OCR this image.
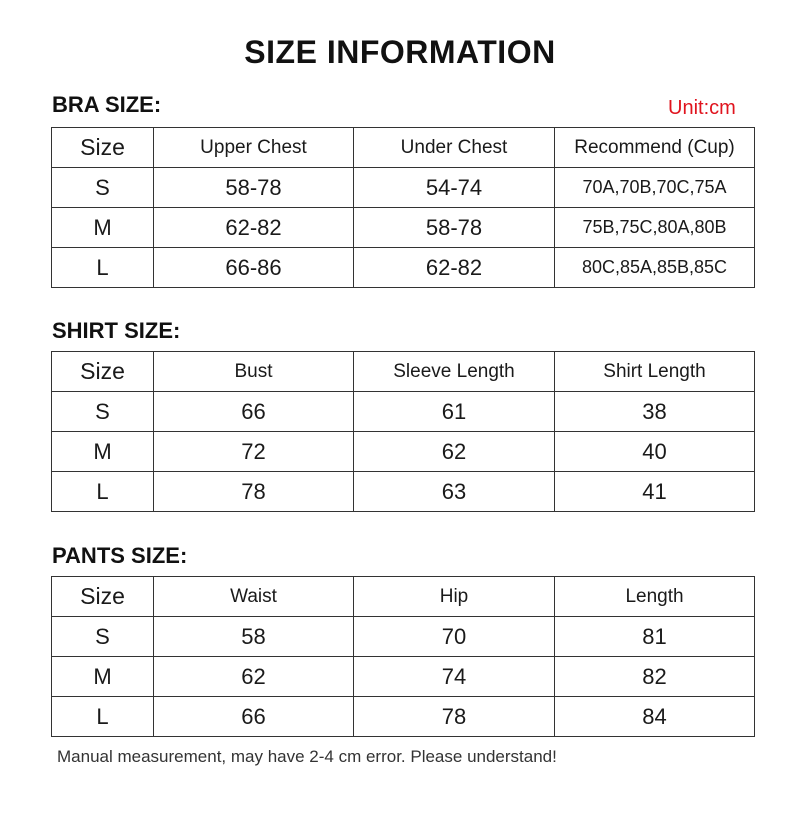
SIZE INFORMATION
BRA SIZE:	Unit:cm
Size	Upper Chest	Under Chest	Recommend (Cup)
S	58-78	54-74	70A,70B,70C,75A
M	62-82	58-78	75B,75C,80A,80B
L	66-86	62-82	80C,85A,85B,85C
SHIRT SIZE:
Size	Bust	Sleeve Length	Shirt Length
S	66	61	38
M	72	62	40
L	78	63	41
PANTS SIZE:
Size	Waist	Hip	Length
S	58	70	81
M	62	74	82
L	66	78	84
Manual measurement, may have 2-4 cm error. Please understand!
